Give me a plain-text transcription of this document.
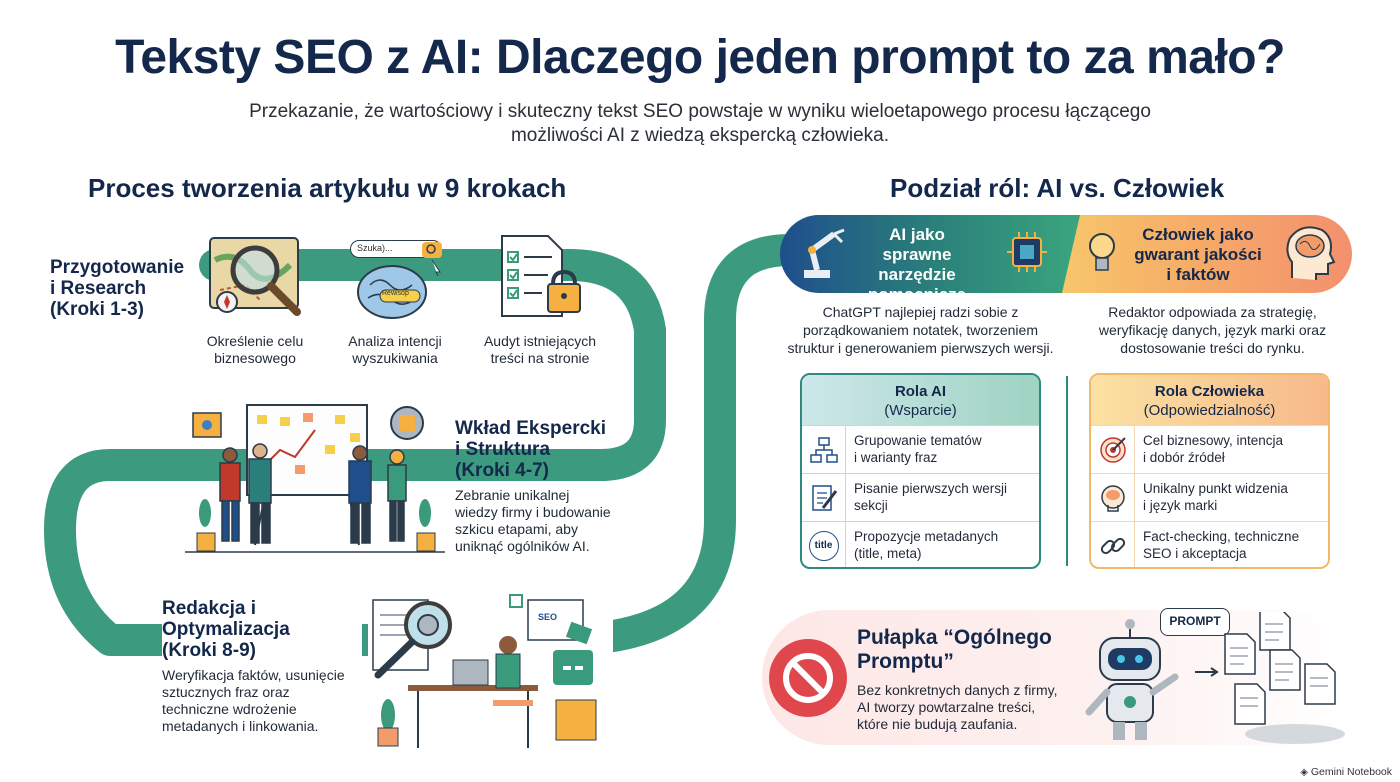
Teksty SEO z AI: Dlaczego jeden prompt to za mało?
Przekazanie, że wartościowy i skuteczny tekst SEO powstaje w wyniku wieloetapowego procesu łączącego
możliwości AI z wiedzą ekspercką człowieka.
Proces tworzenia artykułu w 9 krokach
Przygotowanie
i Research
(Kroki 1-3)
Określenie celu
biznesowego
Szuka)...
Rewisop
Analiza intencji
wyszukiwania
Audyt istniejących
treści na stronie
Wkład Ekspercki
i Struktura
(Kroki 4-7)
Zebranie unikalnej
wiedzy firmy i budowanie
szkicu etapami, aby
uniknąć ogólników AI.
Redakcja i
Optymalizacja
(Kroki 8-9)
Weryfikacja faktów, usunięcie
sztucznych fraz oraz
techniczne wdrożenie
metadanych i linkowania.
SEO
Podział ról: AI vs. Człowiek
AI jako sprawne
narzędzie
pomocnicze
Człowiek jako
gwarant jakości
i faktów
ChatGPT najlepiej radzi sobie z
porządkowaniem notatek, tworzeniem
struktur i generowaniem pierwszych wersji.
Redaktor odpowiada za strategię,
weryfikację danych, język marki oraz
dostosowanie treści do rynku.
Rola AI
(Wsparcie)
Grupowanie tematów
i warianty fraz
Pisanie pierwszych wersji
sekcji
title
Propozycje metadanych
(title, meta)
Rola Człowieka
(Odpowiedzialność)
Cel biznesowy, intencja
i dobór źródeł
Unikalny punkt widzenia
i język marki
Fact-checking, techniczne
SEO i akceptacja
Pułapka “Ogólnego
Promptu”
Bez konkretnych danych z firmy,
AI tworzy powtarzalne treści,
które nie budują zaufania.
PROMPT
◈ Gemini Notebook
